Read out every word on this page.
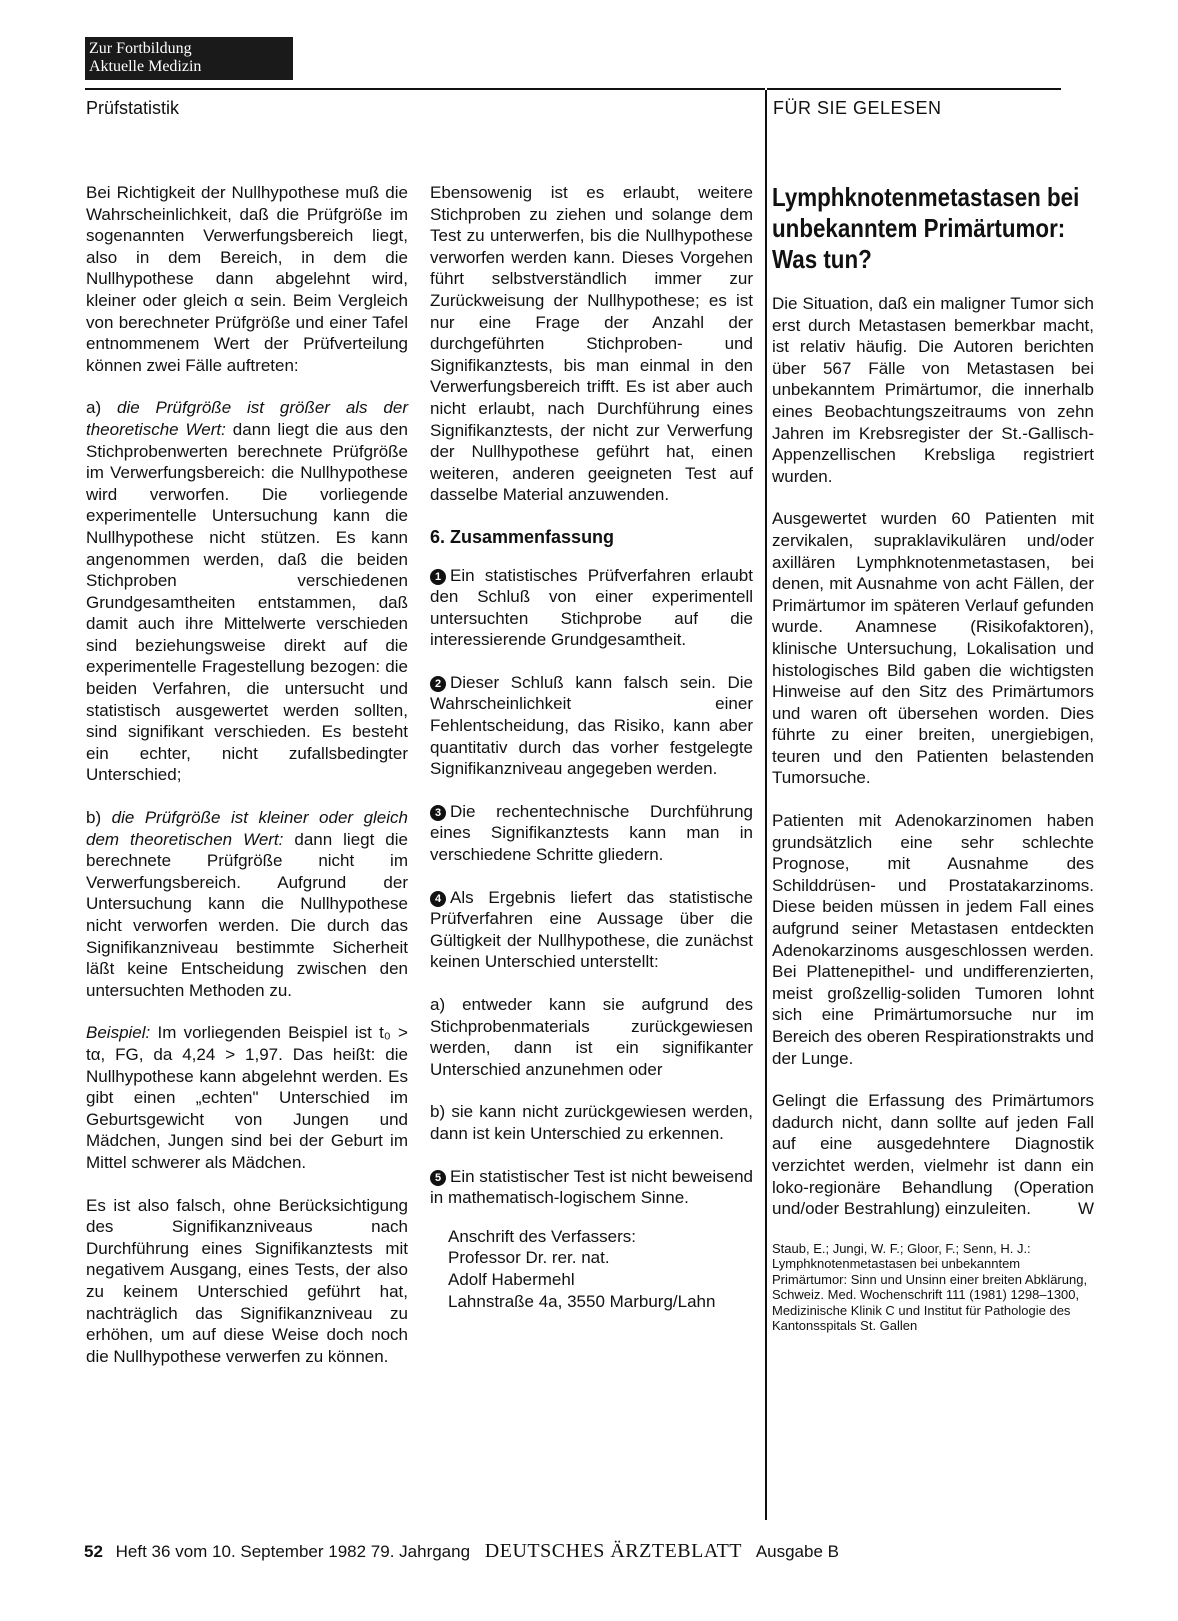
Zur Fortbildung
Aktuelle Medizin
Prüfstatistik	FÜR SIE GELESEN

Bei Richtigkeit der Nullhypothese muß die Wahrscheinlichkeit, daß die Prüfgröße im sogenannten Verwerfungsbereich liegt, also in dem Bereich, in dem die Nullhypothese dann abgelehnt wird, kleiner oder gleich α sein. Beim Vergleich von berechneter Prüfgröße und einer Tafel entnommenem Wert der Prüfverteilung können zwei Fälle auftreten:

a) die Prüfgröße ist größer als der theoretische Wert: dann liegt die aus den Stichprobenwerten berechnete Prüfgröße im Verwerfungsbereich: die Nullhypothese wird verworfen. Die vorliegende experimentelle Untersuchung kann die Nullhypothese nicht stützen. Es kann angenommen werden, daß die beiden Stichproben verschiedenen Grundgesamtheiten entstammen, daß damit auch ihre Mittelwerte verschieden sind beziehungsweise direkt auf die experimentelle Fragestellung bezogen: die beiden Verfahren, die untersucht und statistisch ausgewertet werden sollten, sind signifikant verschieden. Es besteht ein echter, nicht zufallsbedingter Unterschied;

b) die Prüfgröße ist kleiner oder gleich dem theoretischen Wert: dann liegt die berechnete Prüfgröße nicht im Verwerfungsbereich. Aufgrund der Untersuchung kann die Nullhypothese nicht verworfen werden. Die durch das Signifikanzniveau bestimmte Sicherheit läßt keine Entscheidung zwischen den untersuchten Methoden zu.

Beispiel: Im vorliegenden Beispiel ist t₀ > tα, FG, da 4,24 > 1,97. Das heißt: die Nullhypothese kann abgelehnt werden. Es gibt einen „echten" Unterschied im Geburtsgewicht von Jungen und Mädchen, Jungen sind bei der Geburt im Mittel schwerer als Mädchen.

Es ist also falsch, ohne Berücksichtigung des Signifikanzniveaus nach Durchführung eines Signifikanztests mit negativem Ausgang, eines Tests, der also zu keinem Unterschied geführt hat, nachträglich das Signifikanzniveau zu erhöhen, um auf diese Weise doch noch die Nullhypothese verwerfen zu können.

Ebensowenig ist es erlaubt, weitere Stichproben zu ziehen und solange dem Test zu unterwerfen, bis die Nullhypothese verworfen werden kann. Dieses Vorgehen führt selbstverständlich immer zur Zurückweisung der Nullhypothese; es ist nur eine Frage der Anzahl der durchgeführten Stichproben- und Signifikanztests, bis man einmal in den Verwerfungsbereich trifft. Es ist aber auch nicht erlaubt, nach Durchführung eines Signifikanztests, der nicht zur Verwerfung der Nullhypothese geführt hat, einen weiteren, anderen geeigneten Test auf dasselbe Material anzuwenden.

6. Zusammenfassung

1 Ein statistisches Prüfverfahren erlaubt den Schluß von einer experimentell untersuchten Stichprobe auf die interessierende Grundgesamtheit.

2 Dieser Schluß kann falsch sein. Die Wahrscheinlichkeit einer Fehlentscheidung, das Risiko, kann aber quantitativ durch das vorher festgelegte Signifikanzniveau angegeben werden.

3 Die rechentechnische Durchführung eines Signifikanztests kann man in verschiedene Schritte gliedern.

4 Als Ergebnis liefert das statistische Prüfverfahren eine Aussage über die Gültigkeit der Nullhypothese, die zunächst keinen Unterschied unterstellt:

a) entweder kann sie aufgrund des Stichprobenmaterials zurückgewiesen werden, dann ist ein signifikanter Unterschied anzunehmen oder

b) sie kann nicht zurückgewiesen werden, dann ist kein Unterschied zu erkennen.

5 Ein statistischer Test ist nicht beweisend in mathematisch-logischem Sinne.

Anschrift des Verfassers:
Professor Dr. rer. nat.
Adolf Habermehl
Lahnstraße 4a, 3550 Marburg/Lahn
Lymphknotenmetastasen bei unbekanntem Primärtumor: Was tun?

Die Situation, daß ein maligner Tumor sich erst durch Metastasen bemerkbar macht, ist relativ häufig. Die Autoren berichten über 567 Fälle von Metastasen bei unbekanntem Primärtumor, die innerhalb eines Beobachtungszeitraums von zehn Jahren im Krebsregister der St.-Gallisch-Appenzellischen Krebsliga registriert wurden.

Ausgewertet wurden 60 Patienten mit zervikalen, supraklavikulären und/oder axillären Lymphknotenmetastasen, bei denen, mit Ausnahme von acht Fällen, der Primärtumor im späteren Verlauf gefunden wurde. Anamnese (Risikofaktoren), klinische Untersuchung, Lokalisation und histologisches Bild gaben die wichtigsten Hinweise auf den Sitz des Primärtumors und waren oft übersehen worden. Dies führte zu einer breiten, unergiebigen, teuren und den Patienten belastenden Tumorsuche.

Patienten mit Adenokarzinomen haben grundsätzlich eine sehr schlechte Prognose, mit Ausnahme des Schilddrüsen- und Prostatakarzinoms. Diese beiden müssen in jedem Fall eines aufgrund seiner Metastasen entdeckten Adenokarzinoms ausgeschlossen werden. Bei Plattenepithel- und undifferenzierten, meist großzellig-soliden Tumoren lohnt sich eine Primärtumorsuche nur im Bereich des oberen Respirationstrakts und der Lunge.

Gelingt die Erfassung des Primärtumors dadurch nicht, dann sollte auf jeden Fall auf eine ausgedehntere Diagnostik verzichtet werden, vielmehr ist dann ein loko-regionäre Behandlung (Operation und/oder Bestrahlung) einzuleiten.	W

Staub, E.; Jungi, W. F.; Gloor, F.; Senn, H. J.: Lymphknotenmetastasen bei unbekanntem Primärtumor: Sinn und Unsinn einer breiten Abklärung, Schweiz. Med. Wochenschrift 111 (1981) 1298–1300, Medizinische Klinik C und Institut für Pathologie des Kantonsspitals St. Gallen
52 Heft 36 vom 10. September 1982 79. Jahrgang DEUTSCHES ÄRZTEBLATT Ausgabe B
